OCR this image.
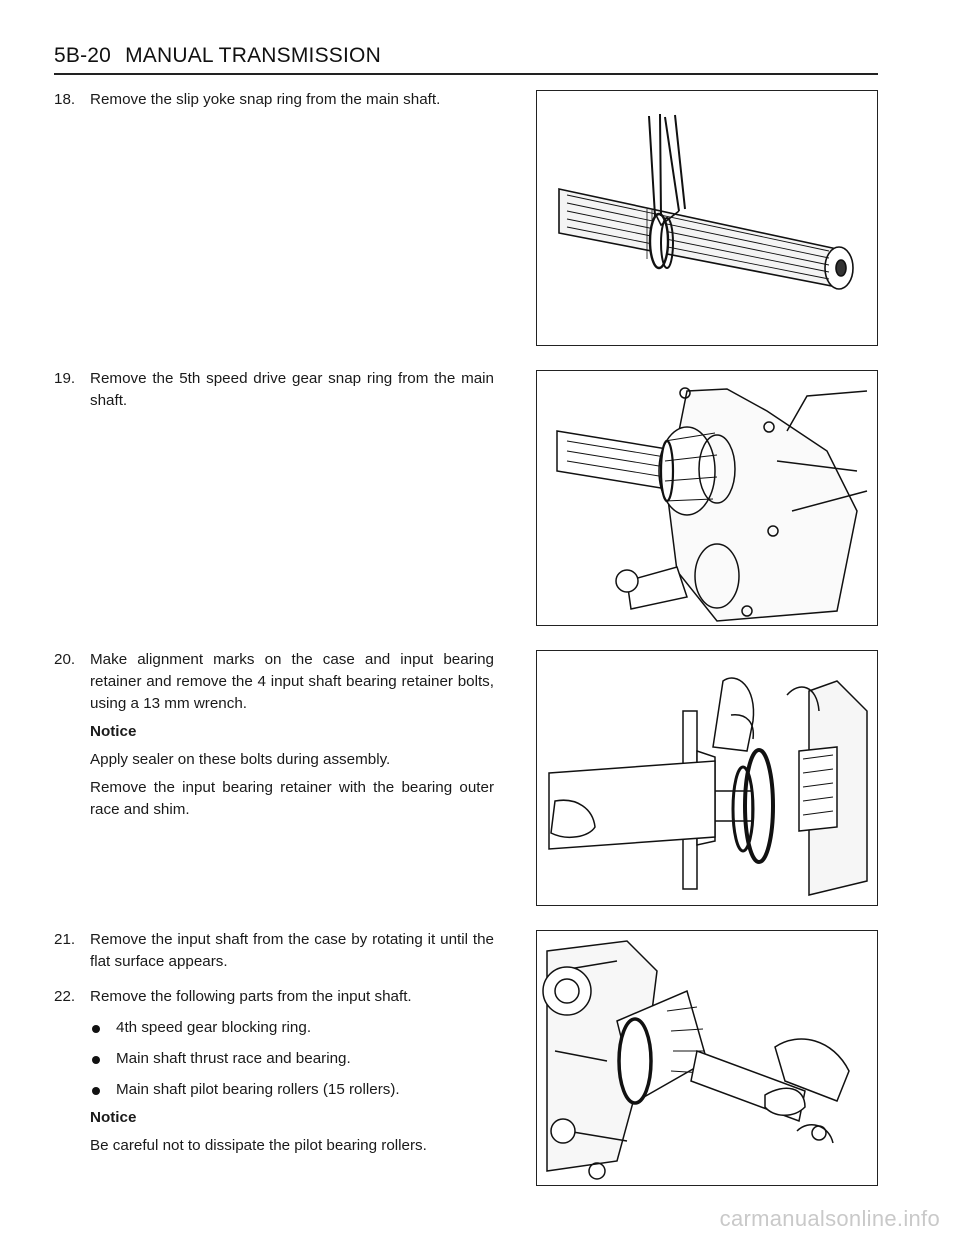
5B-20 MANUAL TRANSMISSION
18. Remove the slip yoke snap ring from the main shaft.
19. Remove the 5th speed drive gear snap ring from the main shaft.
20. Make alignment marks on the case and input bearing retainer and remove the 4 input shaft bearing retainer bolts, using a 13 mm wrench.
Notice
Apply sealer on these bolts during assembly.
Remove the input bearing retainer with the bearing outer race and shim.
21. Remove the input shaft from the case by rotating it until the flat surface appears.
22. Remove the following parts from the input shaft.
4th speed gear blocking ring.
Main shaft thrust race and bearing.
Main shaft pilot bearing rollers (15 rollers).
Notice
Be careful not to dissipate the pilot bearing rollers.
carmanualsonline.info
